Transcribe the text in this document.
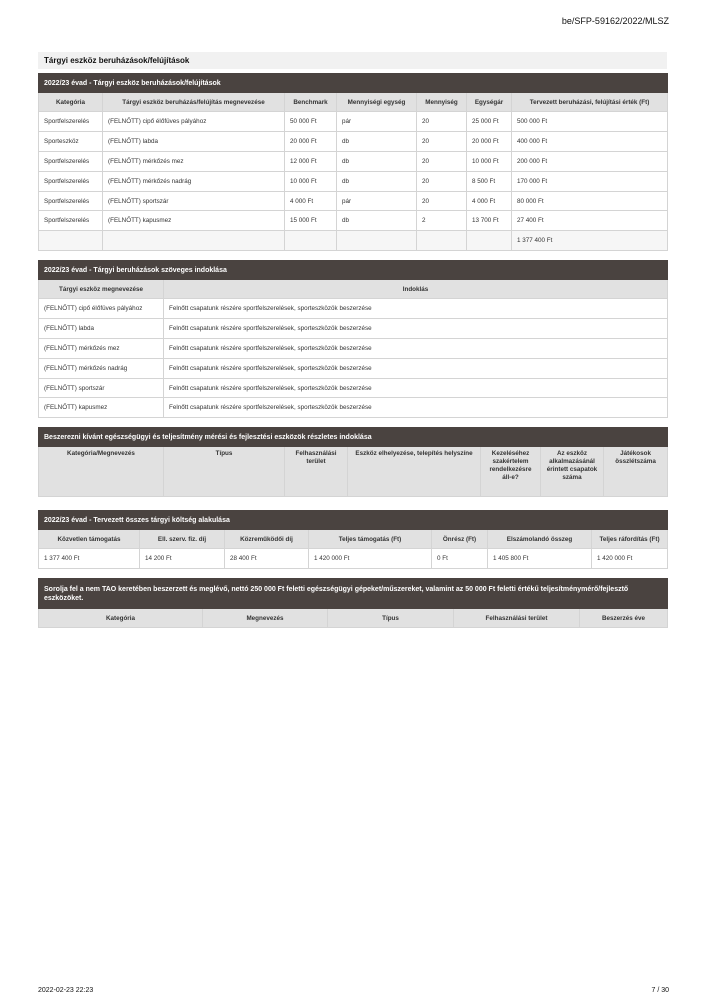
be/SFP-59162/2022/MLSZ
Tárgyi eszköz beruházások/felújítások
2022/23 évad - Tárgyi eszköz beruházások/felújítások						
Kategória	Tárgyi eszköz beruházás/felújítás megnevezése	Benchmark	Mennyiségi egység	Mennyiség	Egységár	Tervezett beruházási, felújítási érték (Ft)
Sportfelszerelés	(FELNŐTT) cipő élőfüves pályához	50 000 Ft	pár	20	25 000 Ft	500 000 Ft
Sporteszköz	(FELNŐTT) labda	20 000 Ft	db	20	20 000 Ft	400 000 Ft
Sportfelszerelés	(FELNŐTT) mérkőzés mez	12 000 Ft	db	20	10 000 Ft	200 000 Ft
Sportfelszerelés	(FELNŐTT) mérkőzés nadrág	10 000 Ft	db	20	8 500 Ft	170 000 Ft
Sportfelszerelés	(FELNŐTT) sportszár	4 000 Ft	pár	20	4 000 Ft	80 000 Ft
Sportfelszerelés	(FELNŐTT) kapusmez	15 000 Ft	db	2	13 700 Ft	27 400 Ft
						1 377 400 Ft
2022/23 évad - Tárgyi beruházások szöveges indoklása	
Tárgyi eszköz megnevezése	Indoklás
(FELNŐTT) cipő élőfüves pályához	Felnőtt csapatunk részére sportfelszerelések, sporteszközök beszerzése
(FELNŐTT) labda	Felnőtt csapatunk részére sportfelszerelések, sporteszközök beszerzése
(FELNŐTT) mérkőzés mez	Felnőtt csapatunk részére sportfelszerelések, sporteszközök beszerzése
(FELNŐTT) mérkőzés nadrág	Felnőtt csapatunk részére sportfelszerelések, sporteszközök beszerzése
(FELNŐTT) sportszár	Felnőtt csapatunk részére sportfelszerelések, sporteszközök beszerzése
(FELNŐTT) kapusmez	Felnőtt csapatunk részére sportfelszerelések, sporteszközök beszerzése
Beszerezni kívánt egészségügyi és teljesítmény mérési és fejlesztési eszközök részletes indoklása
Kategória/Megnevezés	Típus	Felhasználási terület	Eszköz elhelyezése, telepítés helyszíne	Kezeléséhez szakértelem rendelkezésre áll-e?	Az eszköz alkalmazásánál érintett csapatok száma	Játékosok összlétszáma
2022/23 évad - Tervezett összes tárgyi költség alakulása						
Közvetlen támogatás	Ell. szerv. fiz. díj	Közreműködői díj	Teljes támogatás (Ft)	Önrész (Ft)	Elszámolandó összeg	Teljes ráfordítás (Ft)
1 377 400 Ft	14 200 Ft	28 400 Ft	1 420 000 Ft	0 Ft	1 405 800 Ft	1 420 000 Ft
Sorolja fel a nem TAO keretében beszerzett és meglévő, nettó 250 000 Ft feletti egészségügyi gépeket/műszereket, valamint az 50 000 Ft feletti értékű teljesítménymérő/fejlesztő eszközöket.
Kategória	Megnevezés	Típus	Felhasználási terület	Beszerzés éve
2022-02-23 22:23	7 / 30
